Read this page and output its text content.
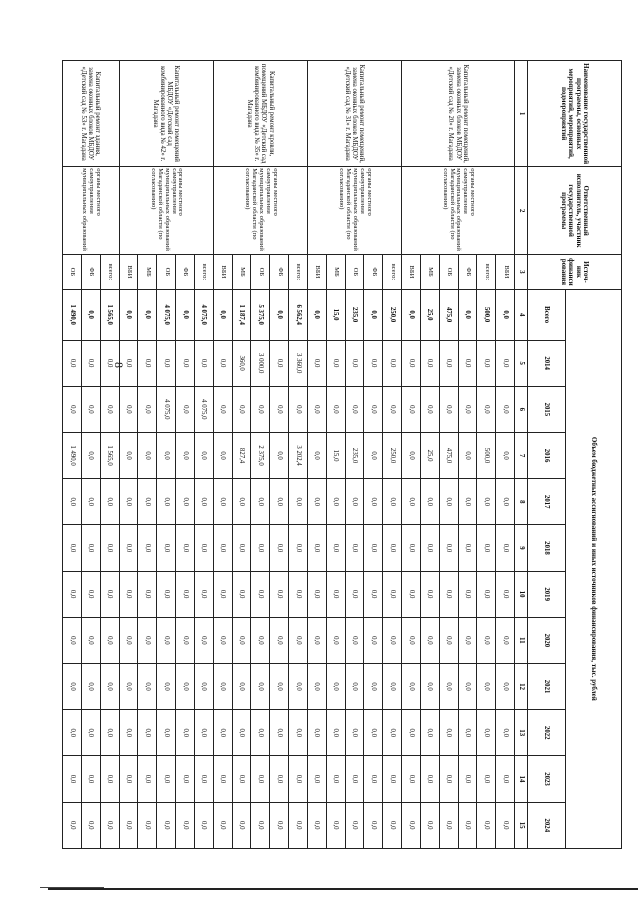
8
Наименование государственной программы, основных мероприятий, мероприятий, подмероприятий	Ответственный исполнитель, участник государственной программы	Источ- ник финанси рования	Объем бюджетных ассигнований и иных источников финансирования, тыс. рублей											
			Всего	2014	2015	2016	2017	2018	2019	2020	2021	2022	2023	2024
1	2	3	4	5	6	7	8	9	10	11	12	13	14	15
Капитальный ремонт помещений, замена оконных блоков МБДОУ «Детский сад № 20» г. Магадана	органы местного самоуправления муниципальных образований Магаданской области (по согласованию)	ВБИ	0,0	0,0	0,0	0,0	0,0	0,0	0,0	0,0	0,0	0,0	0,0	0,0
		всего:	500,0	0,0	0,0	500,0	0,0	0,0	0,0	0,0	0,0	0,0	0,0	0,0
		ФБ	0,0	0,0	0,0	0,0	0,0	0,0	0,0	0,0	0,0	0,0	0,0	0,0
		ОБ	475,0	0,0	0,0	475,0	0,0	0,0	0,0	0,0	0,0	0,0	0,0	0,0
		МБ	25,0	0,0	0,0	25,0	0,0	0,0	0,0	0,0	0,0	0,0	0,0	0,0
		ВБИ	0,0	0,0	0,0	0,0	0,0	0,0	0,0	0,0	0,0	0,0	0,0	0,0
Капитальный ремонт помещений, замена оконных блоков МБДОУ «Детский сад № 31» г. Магадана	органы местного самоуправления муниципальных образований Магаданской области (по согласованию)	всего:	250,0	0,0	0,0	250,0	0,0	0,0	0,0	0,0	0,0	0,0	0,0	0,0
		ФБ	0,0	0,0	0,0	0,0	0,0	0,0	0,0	0,0	0,0	0,0	0,0	0,0
		ОБ	235,0	0,0	0,0	235,0	0,0	0,0	0,0	0,0	0,0	0,0	0,0	0,0
		МБ	15,0	0,0	0,0	15,0	0,0	0,0	0,0	0,0	0,0	0,0	0,0	0,0
		ВБИ	0,0	0,0	0,0	0,0	0,0	0,0	0,0	0,0	0,0	0,0	0,0	0,0
Капитальный ремонт кровли, помещений МБДОУ «Детский сад комбинированного вида № 35» г. Магадана	органы местного самоуправления муниципальных образований Магаданской области (по согласованию)	всего:	6 562,4	3 360,0	0,0	3 202,4	0,0	0,0	0,0	0,0	0,0	0,0	0,0	0,0
		ФБ	0,0	0,0	0,0	0,0	0,0	0,0	0,0	0,0	0,0	0,0	0,0	0,0
		ОБ	5 375,0	3 000,0	0,0	2 375,0	0,0	0,0	0,0	0,0	0,0	0,0	0,0	0,0
		МБ	1 187,4	360,0	0,0	827,4	0,0	0,0	0,0	0,0	0,0	0,0	0,0	0,0
		ВБИ	0,0	0,0	0,0	0,0	0,0	0,0	0,0	0,0	0,0	0,0	0,0	0,0
Капитальный ремонт помещений МБДОУ «Детский сад комбинированного вида № 42» г. Магадана	органы местного самоуправления муниципальных образований Магаданской области (по согласованию)	всего:	4 075,0	0,0	4 075,0	0,0	0,0	0,0	0,0	0,0	0,0	0,0	0,0	0,0
		ФБ	0,0	0,0	0,0	0,0	0,0	0,0	0,0	0,0	0,0	0,0	0,0	0,0
		ОБ	4 075,0	0,0	4 075,0	0,0	0,0	0,0	0,0	0,0	0,0	0,0	0,0	0,0
		МБ	0,0	0,0	0,0	0,0	0,0	0,0	0,0	0,0	0,0	0,0	0,0	0,0
		ВБИ	0,0	0,0	0,0	0,0	0,0	0,0	0,0	0,0	0,0	0,0	0,0	0,0
Капитальный ремонт здания, замена оконных блоков МБДОУ «Детский сад № 53» г. Магадана	органы местного самоуправления муниципальных образований	всего:	1 565,0	0,0	0,0	1 565,0	0,0	0,0	0,0	0,0	0,0	0,0	0,0	0,0
		ФБ	0,0	0,0	0,0	0,0	0,0	0,0	0,0	0,0	0,0	0,0	0,0	0,0
		ОБ	1 490,0	0,0	0,0	1 490,0	0,0	0,0	0,0	0,0	0,0	0,0	0,0	0,0
